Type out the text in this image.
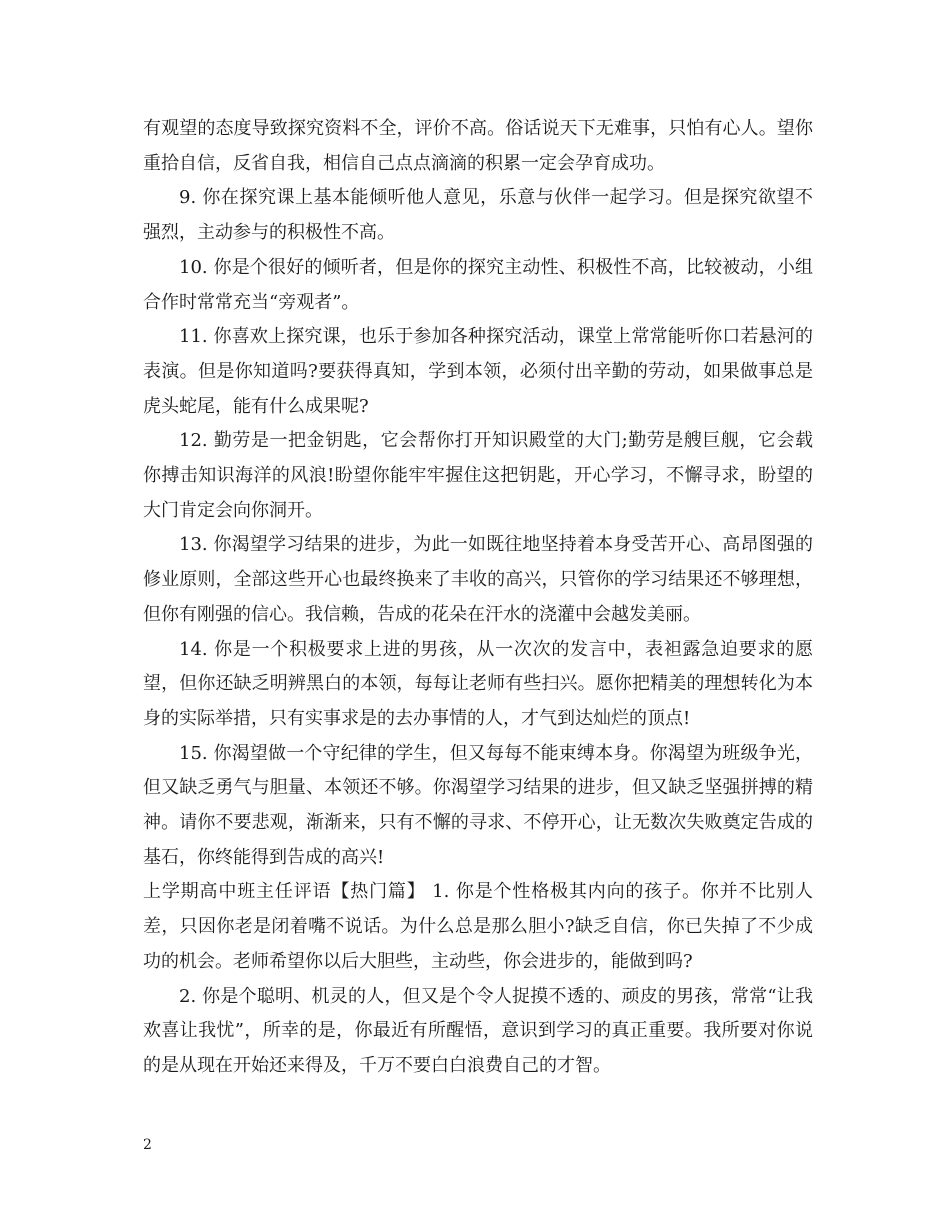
有观望的态度导致探究资料不全，评价不高。俗话说天下无难事，只怕有心人。望你重拾自信，反省自我，相信自己点点滴滴的积累一定会孕育成功。

9. 你在探究课上基本能倾听他人意见，乐意与伙伴一起学习。但是探究欲望不强烈，主动参与的积极性不高。

10. 你是个很好的倾听者，但是你的探究主动性、积极性不高，比较被动，小组合作时常常充当“旁观者”。

11. 你喜欢上探究课，也乐于参加各种探究活动，课堂上常常能听你口若悬河的表演。但是你知道吗?要获得真知，学到本领，必须付出辛勤的劳动，如果做事总是虎头蛇尾，能有什么成果呢?

12. 勤劳是一把金钥匙，它会帮你打开知识殿堂的大门;勤劳是艘巨舰，它会载你搏击知识海洋的风浪!盼望你能牢牢握住这把钥匙，开心学习，不懈寻求，盼望的大门肯定会向你洞开。

13. 你渴望学习结果的进步，为此一如既往地坚持着本身受苦开心、高昂图强的修业原则，全部这些开心也最终换来了丰收的高兴，只管你的学习结果还不够理想，但你有刚强的信心。我信赖，告成的花朵在汗水的浇灌中会越发美丽。

14. 你是一个积极要求上进的男孩，从一次次的发言中，表袒露急迫要求的愿望，但你还缺乏明辨黑白的本领，每每让老师有些扫兴。愿你把精美的理想转化为本身的实际举措，只有实事求是的去办事情的人，才气到达灿烂的顶点!

15. 你渴望做一个守纪律的学生，但又每每不能束缚本身。你渴望为班级争光，但又缺乏勇气与胆量、本领还不够。你渴望学习结果的进步，但又缺乏坚强拼搏的精神。请你不要悲观，渐渐来，只有不懈的寻求、不停开心，让无数次失败奠定告成的基石，你终能得到告成的高兴!

上学期高中班主任评语【热门篇】 1. 你是个性格极其内向的孩子。你并不比别人差，只因你老是闭着嘴不说话。为什么总是那么胆小?缺乏自信，你已失掉了不少成功的机会。老师希望你以后大胆些，主动些，你会进步的，能做到吗?

2. 你是个聪明、机灵的人，但又是个令人捉摸不透的、顽皮的男孩，常常“让我欢喜让我忧”，所幸的是，你最近有所醒悟，意识到学习的真正重要。我所要对你说的是从现在开始还来得及，千万不要白白浪费自己的才智。

2
